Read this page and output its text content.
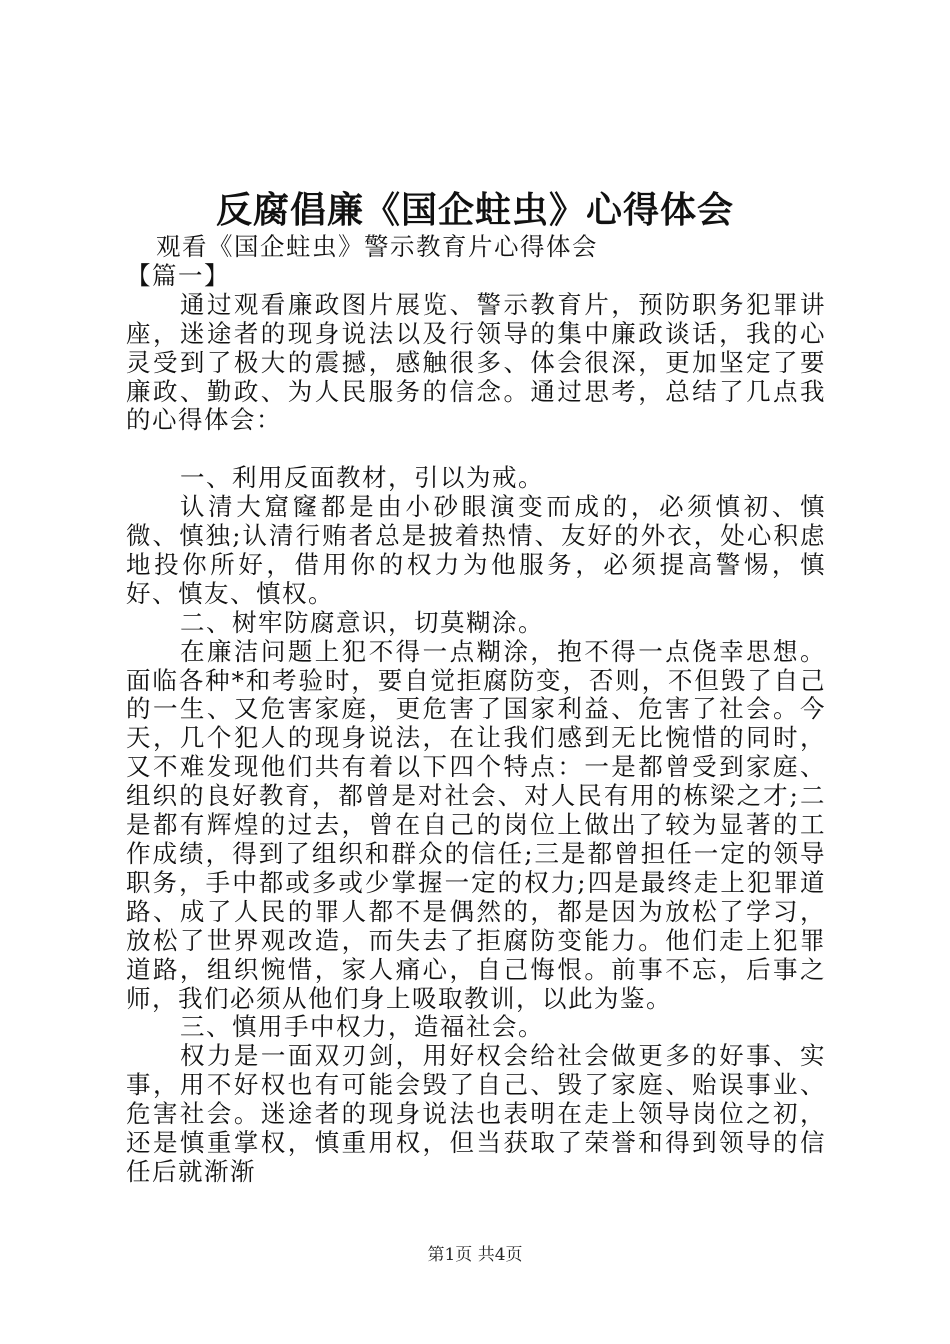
反腐倡廉《国企蛀虫》心得体会

观看《国企蛀虫》警示教育片心得体会

【篇一】

通过观看廉政图片展览、警示教育片，预防职务犯罪讲座，迷途者的现身说法以及行领导的集中廉政谈话，我的心灵受到了极大的震撼，感触很多、体会很深，更加坚定了要廉政、勤政、为人民服务的信念。通过思考，总结了几点我的心得体会：

一、利用反面教材，引以为戒。

认清大窟窿都是由小砂眼演变而成的，必须慎初、慎微、慎独;认清行贿者总是披着热情、友好的外衣，处心积虑地投你所好，借用你的权力为他服务，必须提高警惕，慎好、慎友、慎权。

二、树牢防腐意识，切莫糊涂。

在廉洁问题上犯不得一点糊涂，抱不得一点侥幸思想。面临各种*和考验时，要自觉拒腐防变，否则，不但毁了自己的一生、又危害家庭，更危害了国家利益、危害了社会。今天，几个犯人的现身说法，在让我们感到无比惋惜的同时，又不难发现他们共有着以下四个特点：一是都曾受到家庭、组织的良好教育，都曾是对社会、对人民有用的栋梁之才;二是都有辉煌的过去，曾在自己的岗位上做出了较为显著的工作成绩，得到了组织和群众的信任;三是都曾担任一定的领导职务，手中都或多或少掌握一定的权力;四是最终走上犯罪道路、成了人民的罪人都不是偶然的，都是因为放松了学习，放松了世界观改造，而失去了拒腐防变能力。他们走上犯罪道路，组织惋惜，家人痛心，自己悔恨。前事不忘，后事之师，我们必须从他们身上吸取教训，以此为鉴。

三、慎用手中权力，造福社会。

权力是一面双刃剑，用好权会给社会做更多的好事、实事，用不好权也有可能会毁了自己、毁了家庭、贻误事业、危害社会。迷途者的现身说法也表明在走上领导岗位之初，还是慎重掌权，慎重用权，但当获取了荣誉和得到领导的信任后就渐渐

第1页 共4页
